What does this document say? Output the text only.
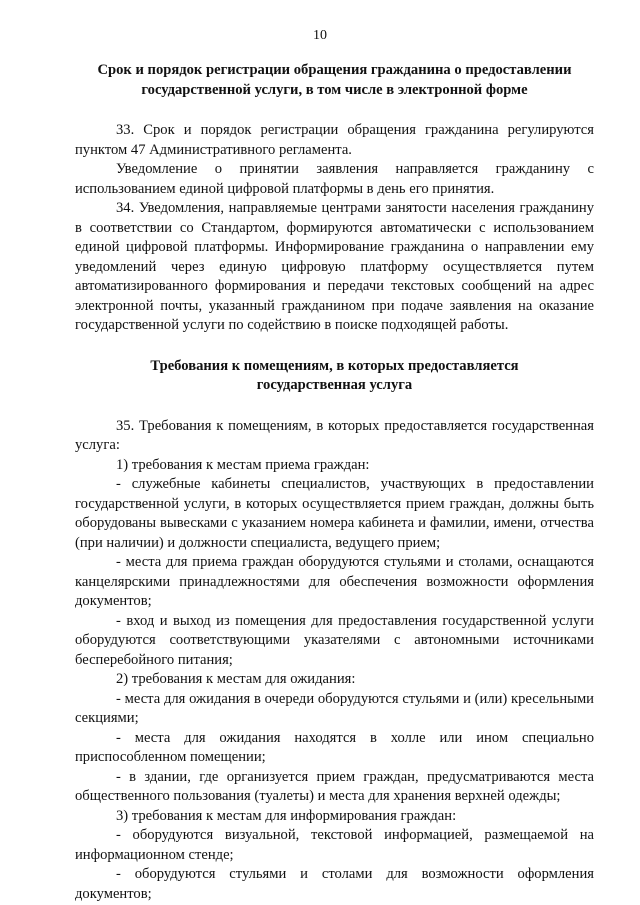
10
Срок и порядок регистрации обращения гражданина о предоставлении
государственной услуги, в том числе в электронной форме

33. Срок и порядок регистрации обращения гражданина регулируются пунктом 47 Административного регламента.

Уведомление о принятии заявления направляется гражданину с использованием единой цифровой платформы в день его принятия.

34. Уведомления, направляемые центрами занятости населения гражданину в соответствии со Стандартом, формируются автоматически с использованием единой цифровой платформы. Информирование гражданина о направлении ему уведомлений через единую цифровую платформу осуществляется путем автоматизированного формирования и передачи текстовых сообщений на адрес электронной почты, указанный гражданином при подаче заявления на оказание государственной услуги по содействию в поиске подходящей работы.

Требования к помещениям, в которых предоставляется
государственная услуга

35. Требования к помещениям, в которых предоставляется государственная услуга:

1) требования к местам приема граждан:

- служебные кабинеты специалистов, участвующих в предоставлении государственной услуги, в которых осуществляется прием граждан, должны быть оборудованы вывесками с указанием номера кабинета и фамилии, имени, отчества (при наличии) и должности специалиста, ведущего прием;

- места для приема граждан оборудуются стульями и столами, оснащаются канцелярскими принадлежностями для обеспечения возможности оформления документов;

- вход и выход из помещения для предоставления государственной услуги оборудуются соответствующими указателями с автономными источниками бесперебойного питания;

2) требования к местам для ожидания:

- места для ожидания в очереди оборудуются стульями и (или) кресельными секциями;

- места для ожидания находятся в холле или ином специально приспособленном помещении;

- в здании, где организуется прием граждан, предусматриваются места общественного пользования (туалеты) и места для хранения верхней одежды;

3) требования к местам для информирования граждан:

- оборудуются визуальной, текстовой информацией, размещаемой на информационном стенде;

- оборудуются стульями и столами для возможности оформления документов;
